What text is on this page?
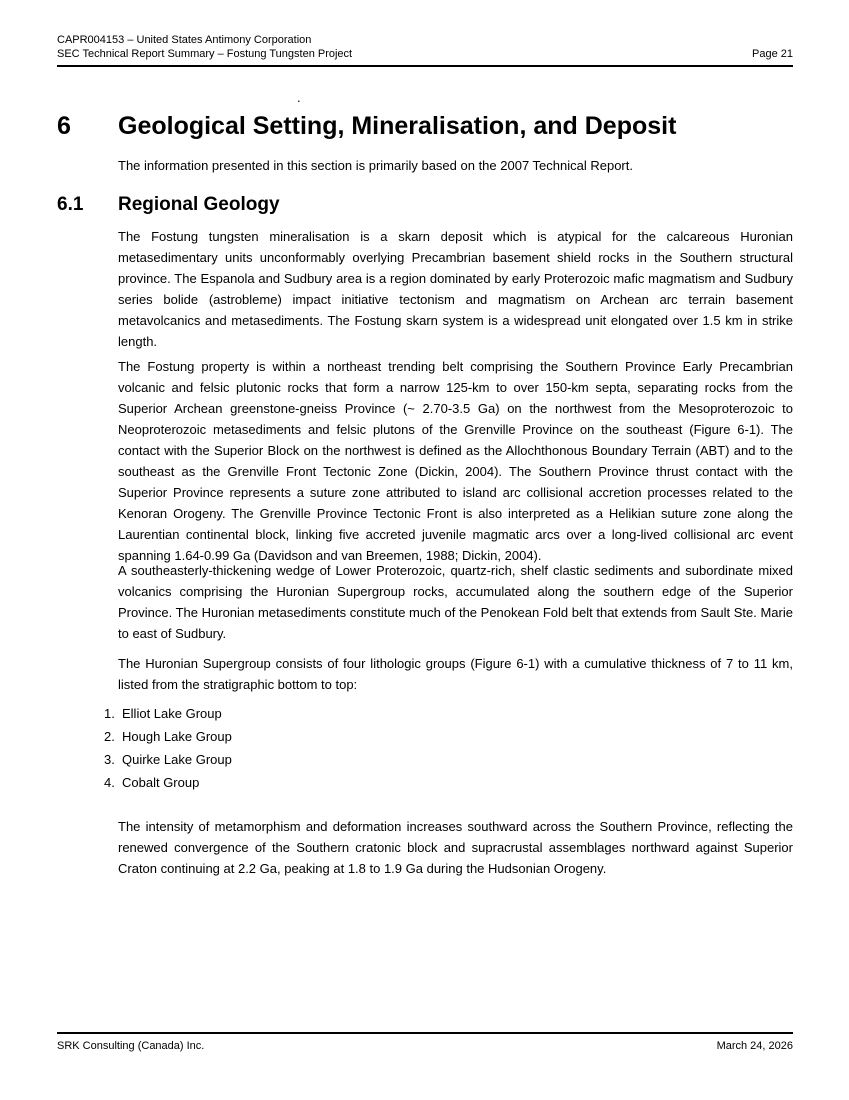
CAPR004153 – United States Antimony Corporation
SEC Technical Report Summary – Fostung Tungsten Project	Page 21
.
6	Geological Setting, Mineralisation, and Deposit
The information presented in this section is primarily based on the 2007 Technical Report.
6.1	Regional Geology

The Fostung tungsten mineralisation is a skarn deposit which is atypical for the calcareous Huronian metasedimentary units unconformably overlying Precambrian basement shield rocks in the Southern structural province. The Espanola and Sudbury area is a region dominated by early Proterozoic mafic magmatism and Sudbury series bolide (astrobleme) impact initiative tectonism and magmatism on Archean arc terrain basement metavolcanics and metasediments. The Fostung skarn system is a widespread unit elongated over 1.5 km in strike length.

The Fostung property is within a northeast trending belt comprising the Southern Province Early Precambrian volcanic and felsic plutonic rocks that form a narrow 125-km to over 150-km septa, separating rocks from the Superior Archean greenstone-gneiss Province (~ 2.70-3.5 Ga) on the northwest from the Mesoproterozoic to Neoproterozoic metasediments and felsic plutons of the Grenville Province on the southeast (Figure 6-1). The contact with the Superior Block on the northwest is defined as the Allochthonous Boundary Terrain (ABT) and to the southeast as the Grenville Front Tectonic Zone (Dickin, 2004). The Southern Province thrust contact with the Superior Province represents a suture zone attributed to island arc collisional accretion processes related to the Kenoran Orogeny. The Grenville Province Tectonic Front is also interpreted as a Helikian suture zone along the Laurentian continental block, linking five accreted juvenile magmatic arcs over a long-lived collisional arc event spanning 1.64-0.99 Ga (Davidson and van Breemen, 1988; Dickin, 2004).

A southeasterly-thickening wedge of Lower Proterozoic, quartz-rich, shelf clastic sediments and subordinate mixed volcanics comprising the Huronian Supergroup rocks, accumulated along the southern edge of the Superior Province. The Huronian metasediments constitute much of the Penokean Fold belt that extends from Sault Ste. Marie to east of Sudbury.

The Huronian Supergroup consists of four lithologic groups (Figure 6-1) with a cumulative thickness of 7 to 11 km, listed from the stratigraphic bottom to top:

1. Elliot Lake Group
2. Hough Lake Group
3. Quirke Lake Group
4. Cobalt Group

The intensity of metamorphism and deformation increases southward across the Southern Province, reflecting the renewed convergence of the Southern cratonic block and supracrustal assemblages northward against Superior Craton continuing at 2.2 Ga, peaking at 1.8 to 1.9 Ga during the Hudsonian Orogeny.

SRK Consulting (Canada) Inc.	March 24, 2026
